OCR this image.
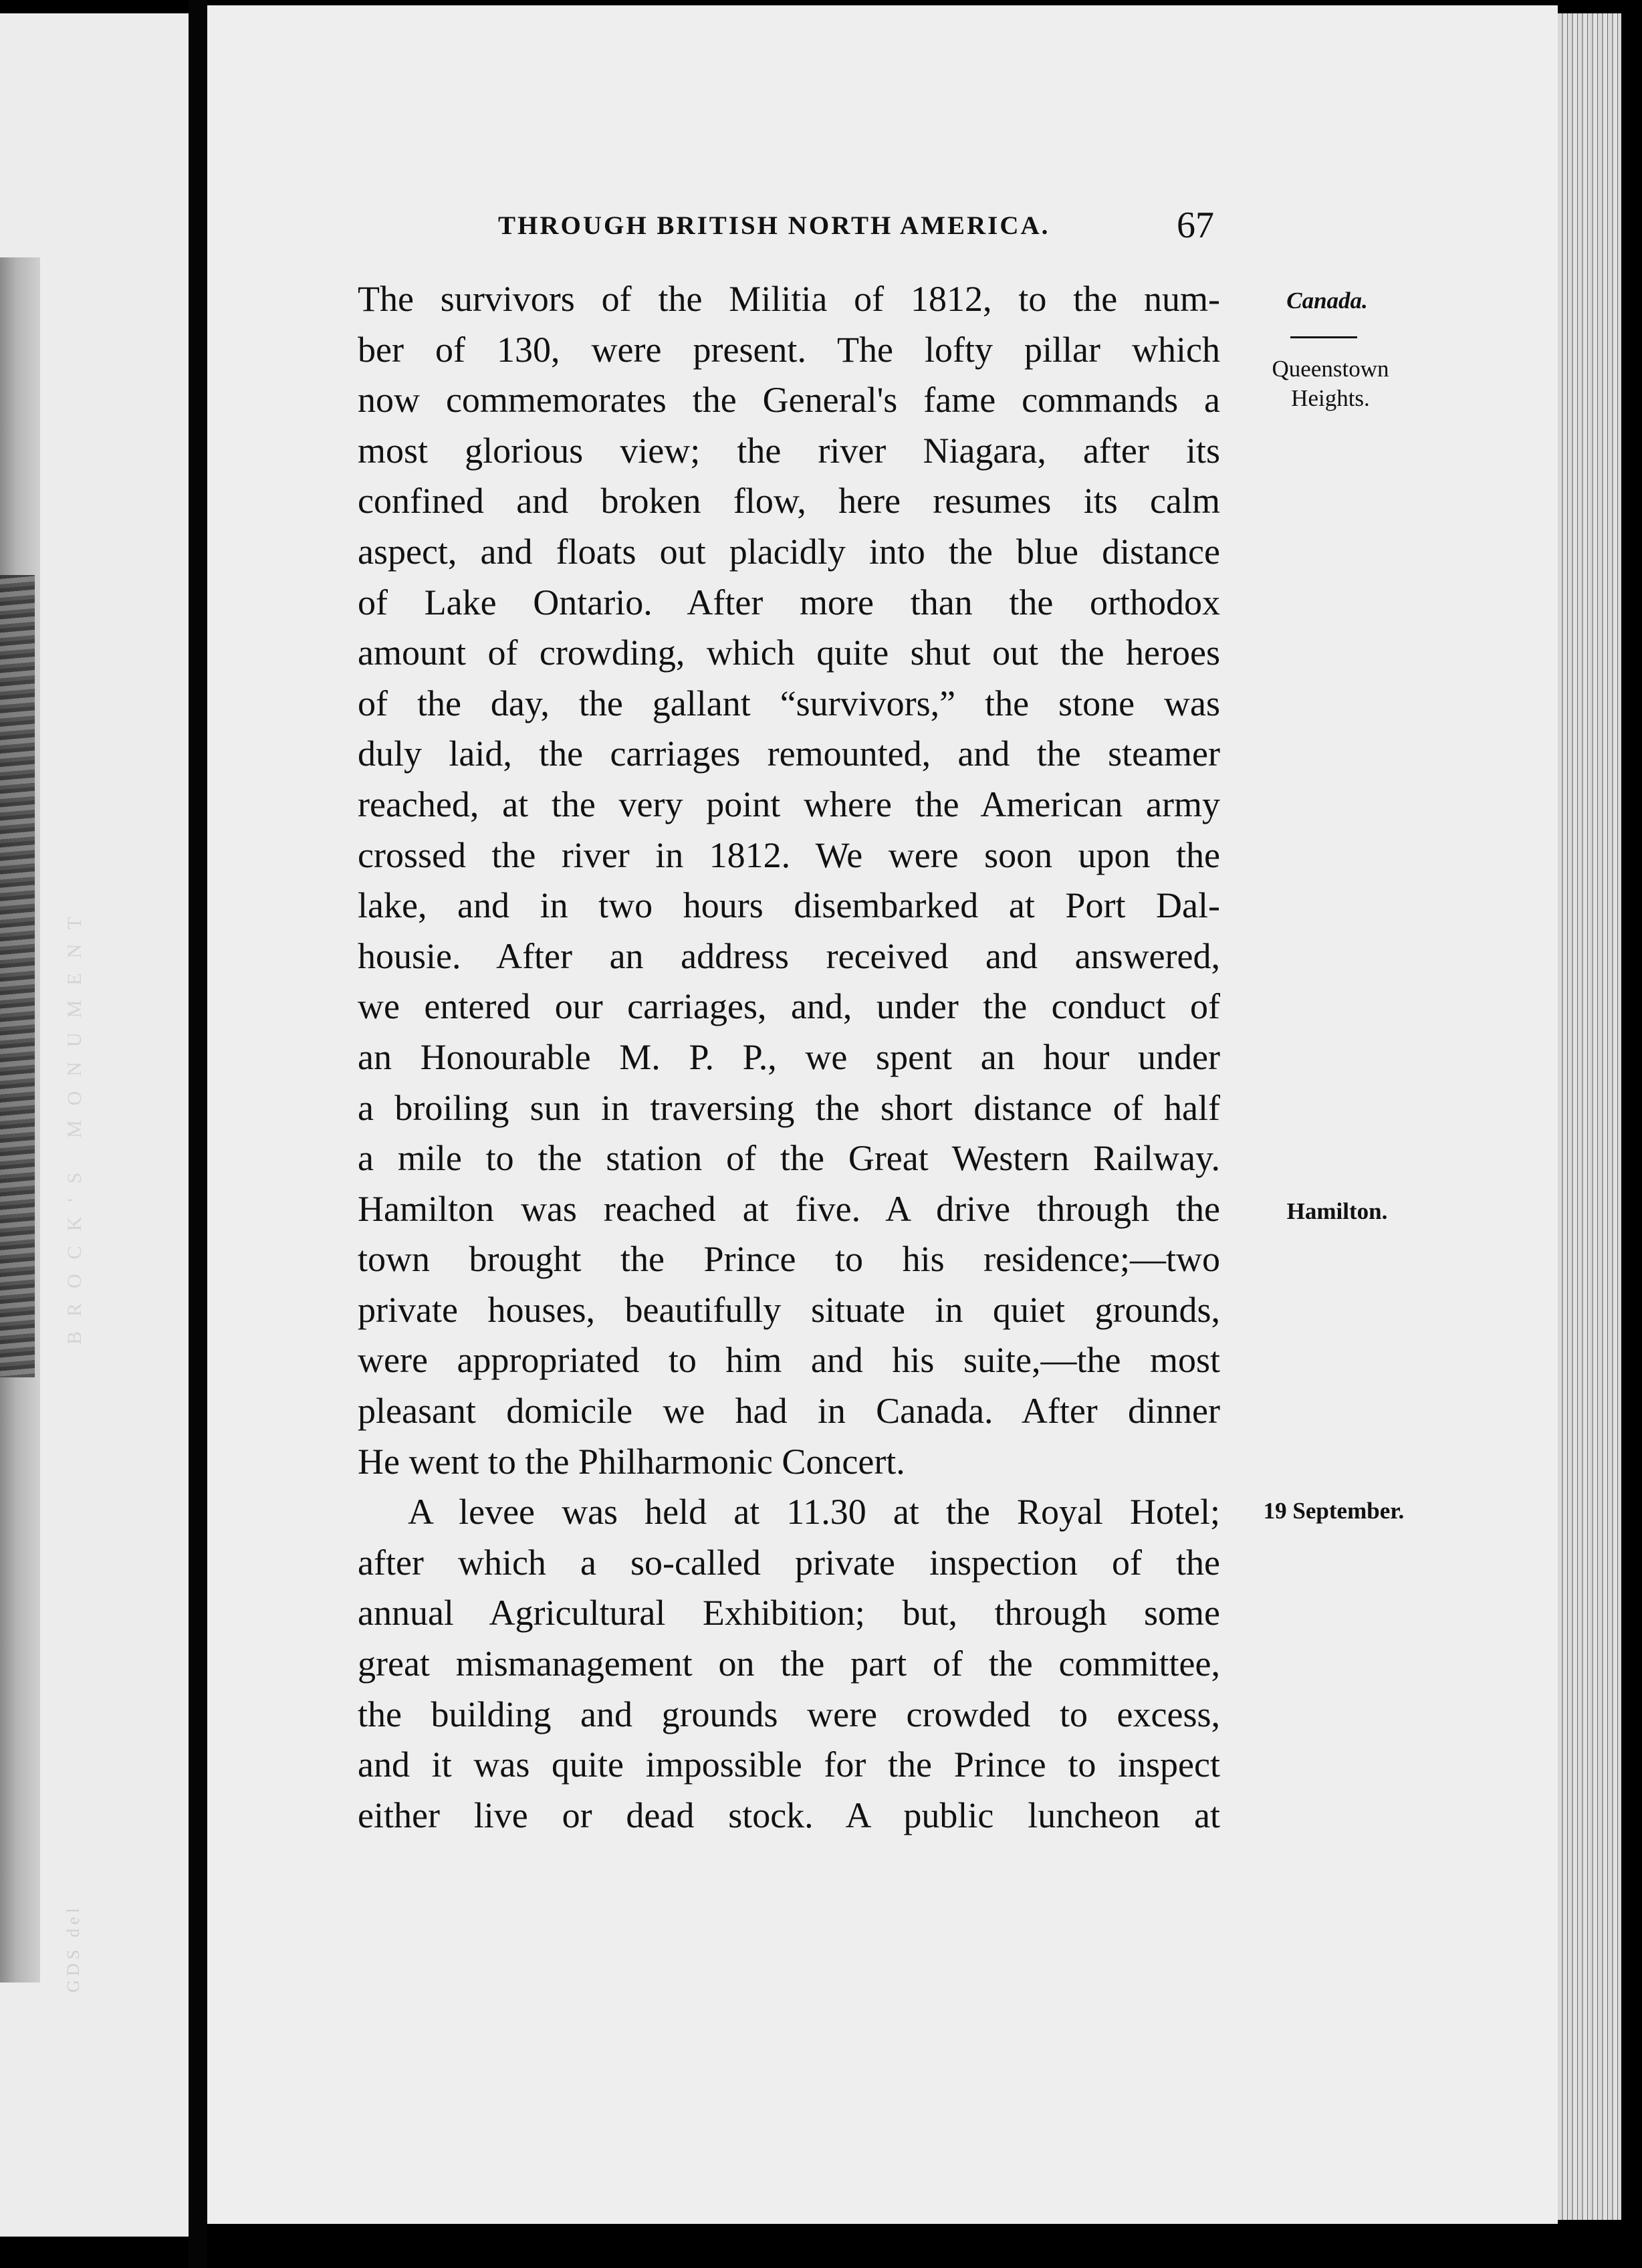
BROCK'S MONUMENT
GDS del
THROUGH BRITISH NORTH AMERICA.	67
Canada.
Queenstown
Heights.
Hamilton.
19 September.
The survivors of the Militia of 1812, to the num-
ber of 130, were present. The lofty pillar which
now commemorates the General's fame commands a
most glorious view; the river Niagara, after its
confined and broken flow, here resumes its calm
aspect, and floats out placidly into the blue distance
of Lake Ontario. After more than the orthodox
amount of crowding, which quite shut out the heroes
of the day, the gallant “survivors,” the stone was
duly laid, the carriages remounted, and the steamer
reached, at the very point where the American army
crossed the river in 1812. We were soon upon the
lake, and in two hours disembarked at Port Dal-
housie. After an address received and answered,
we entered our carriages, and, under the conduct of
an Honourable M. P. P., we spent an hour under
a broiling sun in traversing the short distance of half
a mile to the station of the Great Western Railway.
Hamilton was reached at five. A drive through the
town brought the Prince to his residence;—two
private houses, beautifully situate in quiet grounds,
were appropriated to him and his suite,—the most
pleasant domicile we had in Canada. After dinner
He went to the Philharmonic Concert.
A levee was held at 11.30 at the Royal Hotel;
after which a so-called private inspection of the
annual Agricultural Exhibition; but, through some
great mismanagement on the part of the committee,
the building and grounds were crowded to excess,
and it was quite impossible for the Prince to inspect
either live or dead stock. A public luncheon at
